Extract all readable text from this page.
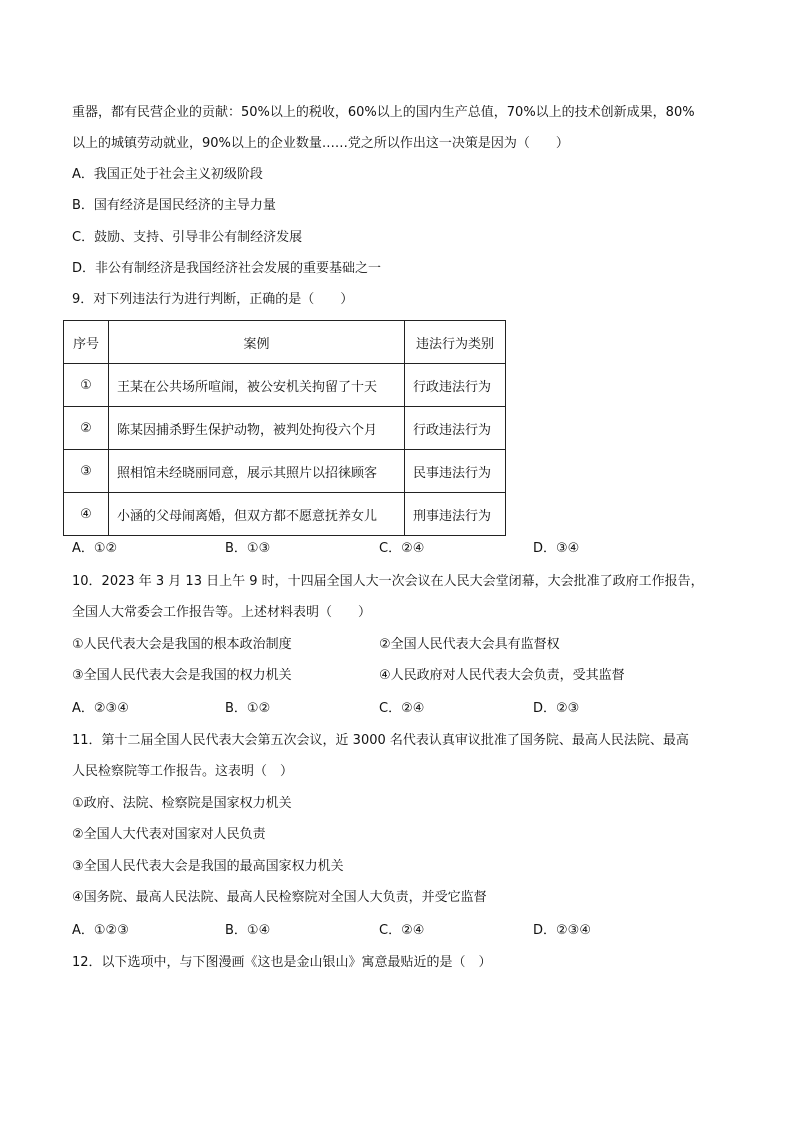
重器，都有民营企业的贡献：50%以上的税收，60%以上的国内生产总值，70%以上的技术创新成果，80%
以上的城镇劳动就业，90%以上的企业数量……党之所以作出这一决策是因为（　　）
A．我国正处于社会主义初级阶段
B．国有经济是国民经济的主导力量
C．鼓励、支持、引导非公有制经济发展
D．非公有制经济是我国经济社会发展的重要基础之一
9．对下列违法行为进行判断，正确的是（　　）
序号	案例	违法行为类别
①	王某在公共场所喧闹，被公安机关拘留了十天	行政违法行为
②	陈某因捕杀野生保护动物，被判处拘役六个月	行政违法行为
③	照相馆未经晓丽同意，展示其照片以招徕顾客	民事违法行为
④	小涵的父母闹离婚，但双方都不愿意抚养女儿	刑事违法行为
A．①②	B．①③	C．②④	D．③④
10．2023 年 3 月 13 日上午 9 时，十四届全国人大一次会议在人民大会堂闭幕，大会批准了政府工作报告，
全国人大常委会工作报告等。上述材料表明（　　）
①人民代表大会是我国的根本政治制度	②全国人民代表大会具有监督权
③全国人民代表大会是我国的权力机关	④人民政府对人民代表大会负责，受其监督
A．②③④	B．①②	C．②④	D．②③
11．第十二届全国人民代表大会第五次会议，近 3000 名代表认真审议批准了国务院、最高人民法院、最高
人民检察院等工作报告。这表明（　）
①政府、法院、检察院是国家权力机关
②全国人大代表对国家对人民负责
③全国人民代表大会是我国的最高国家权力机关
④国务院、最高人民法院、最高人民检察院对全国人大负责，并受它监督
A．①②③	B．①④	C．②④	D．②③④
12．以下选项中，与下图漫画《这也是金山银山》寓意最贴近的是（　）
